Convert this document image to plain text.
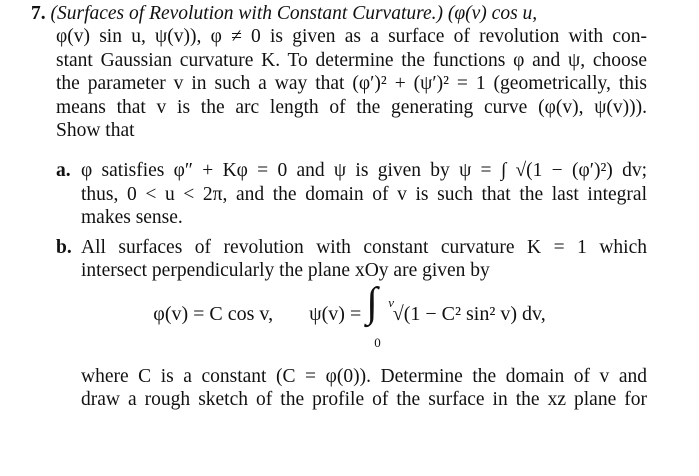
7. (Surfaces of Revolution with Constant Curvature.) (φ(v) cos u,
φ(v) sin u, ψ(v)), φ ≠ 0 is given as a surface of revolution with con-
stant Gaussian curvature K. To determine the functions φ and ψ, choose
the parameter v in such a way that (φ′)² + (ψ′)² = 1 (geometrically, this
means that v is the arc length of the generating curve (φ(v), ψ(v))).
Show that
a. φ satisfies φ″ + Kφ = 0 and ψ is given by ψ = ∫ √(1 − (φ′)²) dv;
thus, 0 < u < 2π, and the domain of v is such that the last integral
makes sense.
b. All surfaces of revolution with constant curvature K = 1 which
intersect perpendicularly the plane xOy are given by
φ(v) = C cos v, ψ(v) = ∫ v
0
√(1 − C² sin² v) dv,
where C is a constant (C = φ(0)). Determine the domain of v and
draw a rough sketch of the profile of the surface in the xz plane for
